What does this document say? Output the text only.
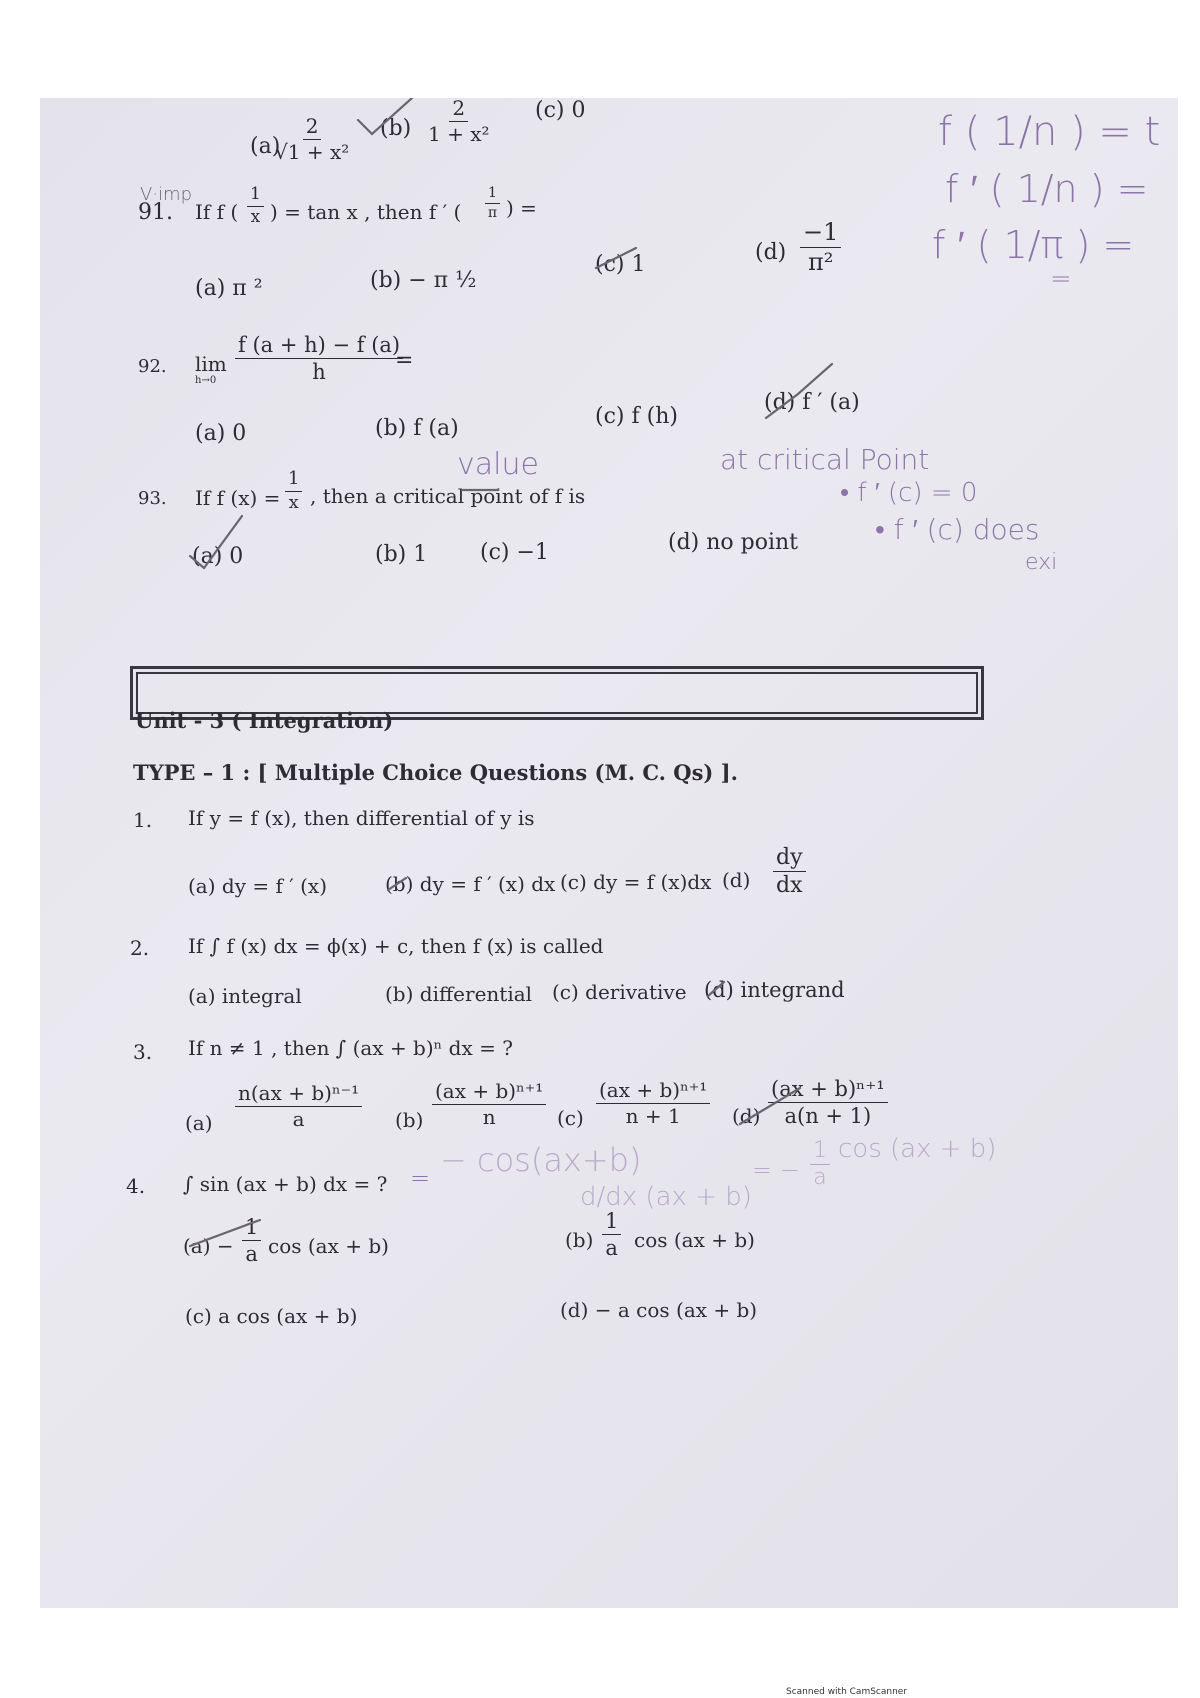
(a)
$\frac{2}{\text{√1 + x²}} (b) \frac{2}{\text{1 + x²}} (c)$ 0
V·imp
91. If f ( $\frac{1}{x}$ ) = tan x , then f ′ ( $\frac{1}{\pi}$ ) =
(a) π ²	(b) − π ½
(c) 1	$(d) \frac{-1}{\text{π²}}$
92. lim
$h\to 0 \frac{f (a + h) - f (a)}{h}$
=
(a) 0	(b) f (a)	(c) f (h)
(d) f ′ (a)
93. If f $(x) = \frac{1}{x}$ , then a critical point of f is
value
(a) 0	(b) 1 (c) −1	(d) no point
f ( 1/n ) = t
f ′ ( 1/n ) =
f ′ ( 1/π ) =
=
at critical Point
• f ′ (c) = 0
• f ′ (c) does
exi
Unit - 3 ( Integration)
TYPE – 1 : [ Multiple Choice Questions (M. C. Qs) ].
1. If y = f (x), then differential of y is
(a) dy = f ′ (x)	(b) dy = f ′ (x) dx (c) dy = f (x)dx $(d) \frac{dy}{dx}$
2. If ∫ f (x) dx = ϕ(x) + c, then f (x) is called
(a) integral	(b) differential (c) derivative (d) integrand
3. If n ≠ 1 , then ∫ (ax + b)ⁿ dx = ?
$(a) \frac{\text{n(ax + b)ⁿ⁻¹}}{a} (b) \frac{\text{(ax + b)ⁿ⁺¹}}{n} (c) \frac{\text{(ax + b)ⁿ⁺¹}}{n + 1} (d) \frac{\text{(ax + b)ⁿ⁺¹}}{a(n + 1)}$
4. ∫ sin (ax + b) dx = ? = − cos(ax+b)
d/dx (ax + b)
= − $\frac{1}{a}$ cos (ax + b)
$(a) - \frac{1}{a}$ cos (ax + b)	$(b) \frac{1}{a}$ cos (ax + b)
(c) a cos (ax + b)	(d) − a cos (ax + b)
Scanned with CamScanner
